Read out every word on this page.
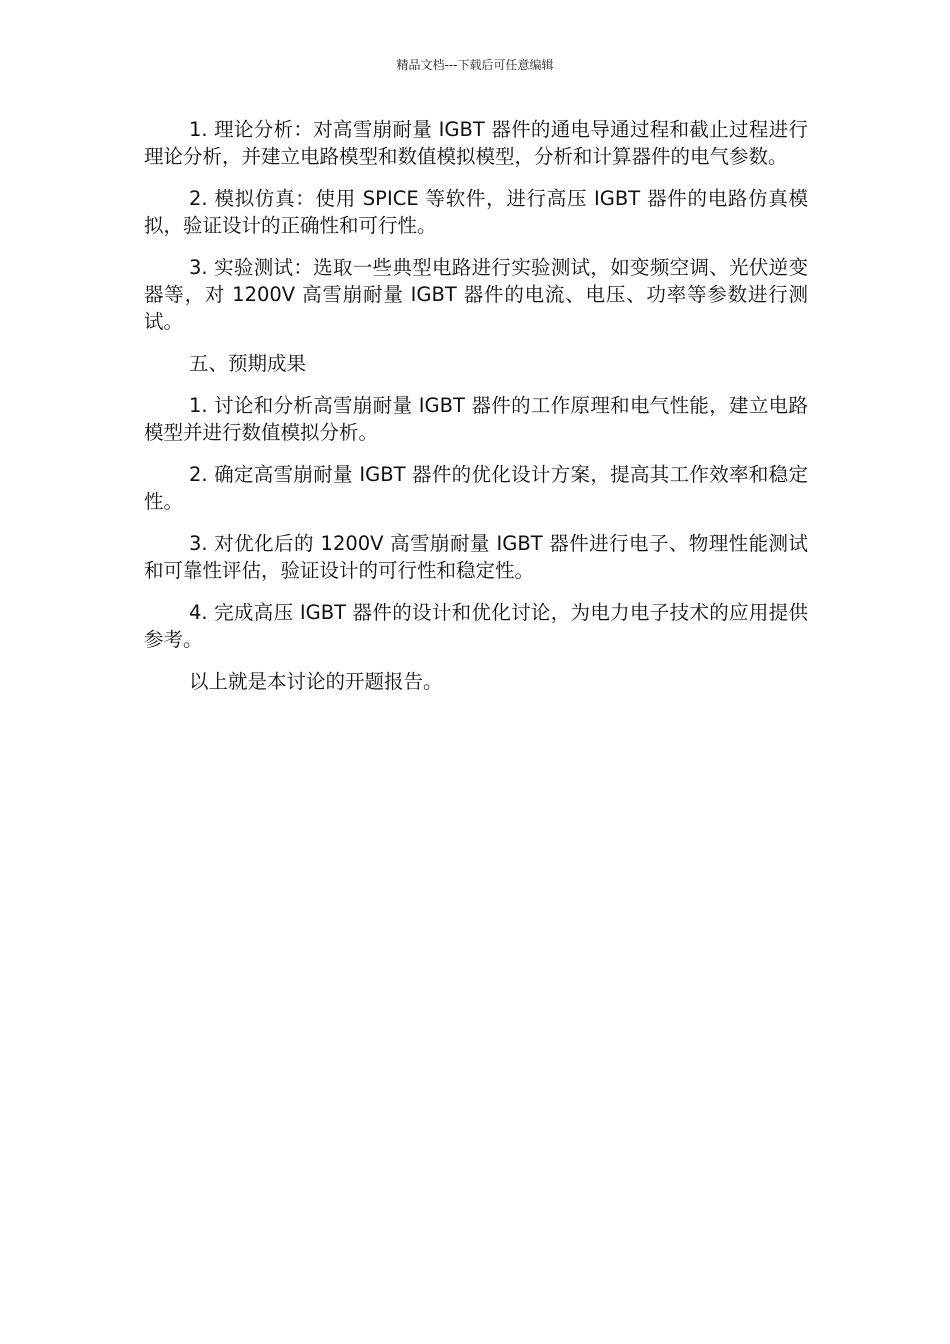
精品文档---下载后可任意编辑

1. 理论分析：对高雪崩耐量 IGBT 器件的通电导通过程和截止过程进行理论分析，并建立电路模型和数值模拟模型，分析和计算器件的电气参数。

2. 模拟仿真：使用 SPICE 等软件，进行高压 IGBT 器件的电路仿真模拟，验证设计的正确性和可行性。

3. 实验测试：选取一些典型电路进行实验测试，如变频空调、光伏逆变器等，对 1200V 高雪崩耐量 IGBT 器件的电流、电压、功率等参数进行测试。

五、预期成果

1. 讨论和分析高雪崩耐量 IGBT 器件的工作原理和电气性能，建立电路模型并进行数值模拟分析。

2. 确定高雪崩耐量 IGBT 器件的优化设计方案，提高其工作效率和稳定性。

3. 对优化后的 1200V 高雪崩耐量 IGBT 器件进行电子、物理性能测试和可靠性评估，验证设计的可行性和稳定性。

4. 完成高压 IGBT 器件的设计和优化讨论，为电力电子技术的应用提供参考。

以上就是本讨论的开题报告。
